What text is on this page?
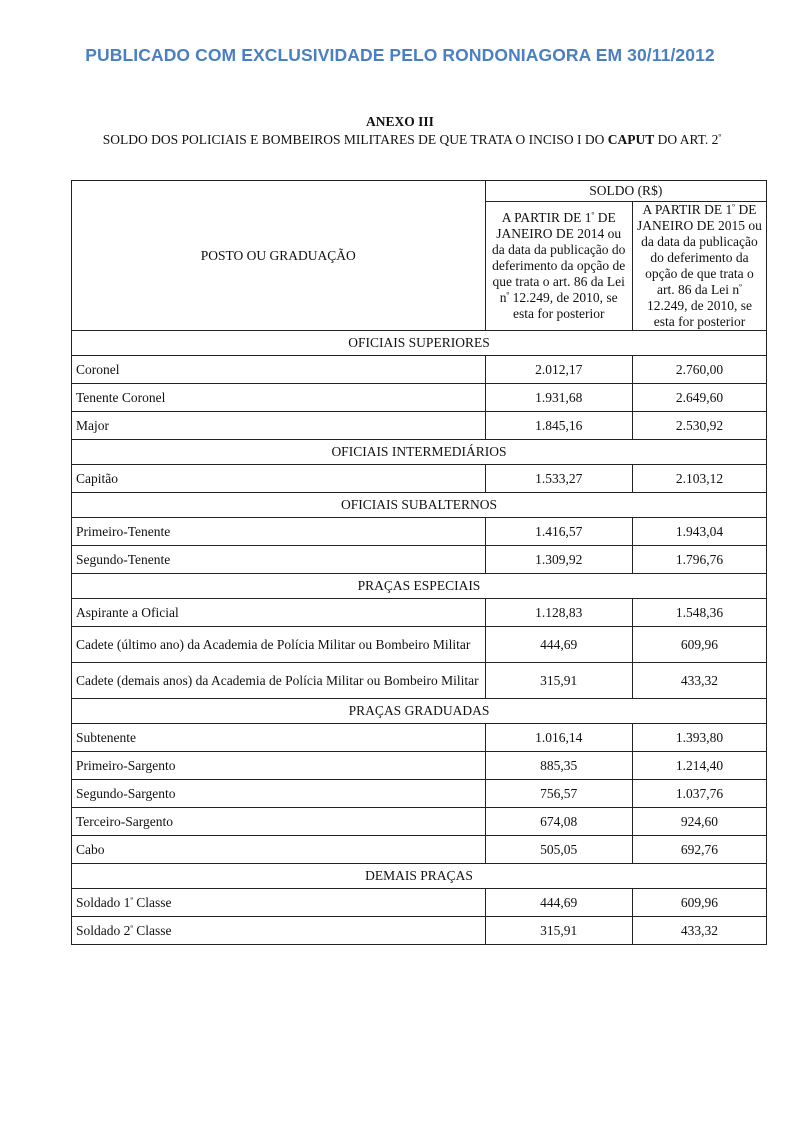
PUBLICADO COM EXCLUSIVIDADE PELO RONDONIAGORA EM 30/11/2012
ANEXO III
SOLDO DOS POLICIAIS E BOMBEIROS MILITARES DE QUE TRATA O INCISO I DO CAPUT DO ART. $2^º$
POSTO OU GRADUAÇÃO	SOLDO (R$)	
	A PARTIR DE $1^º$ DE JANEIRO DE 2014 ou da data da publicação do deferimento da opção de que trata o art. 86 da Lei $n^º$ 12.249, de 2010, se esta for posterior	A PARTIR DE $1^º$ DE JANEIRO DE 2015 ou da data da publicação do deferimento da opção de que trata o art. 86 da Lei $n^º$ 12.249, de 2010, se esta for posterior
OFICIAIS SUPERIORES		
Coronel	2.012,17	2.760,00
Tenente Coronel	1.931,68	2.649,60
Major	1.845,16	2.530,92
OFICIAIS INTERMEDIÁRIOS		
Capitão	1.533,27	2.103,12
OFICIAIS SUBALTERNOS		
Primeiro-Tenente	1.416,57	1.943,04
Segundo-Tenente	1.309,92	1.796,76
PRAÇAS ESPECIAIS		
Aspirante a Oficial	1.128,83	1.548,36
Cadete (último ano) da Academia de Polícia Militar ou Bombeiro Militar	444,69	609,96
Cadete (demais anos) da Academia de Polícia Militar ou Bombeiro Militar	315,91	433,32
PRAÇAS GRADUADAS		
Subtenente	1.016,14	1.393,80
Primeiro-Sargento	885,35	1.214,40
Segundo-Sargento	756,57	1.037,76
Terceiro-Sargento	674,08	924,60
Cabo	505,05	692,76
DEMAIS PRAÇAS		
Soldado $1^ª$ Classe	444,69	609,96
Soldado $2^ª$ Classe	315,91	433,32
